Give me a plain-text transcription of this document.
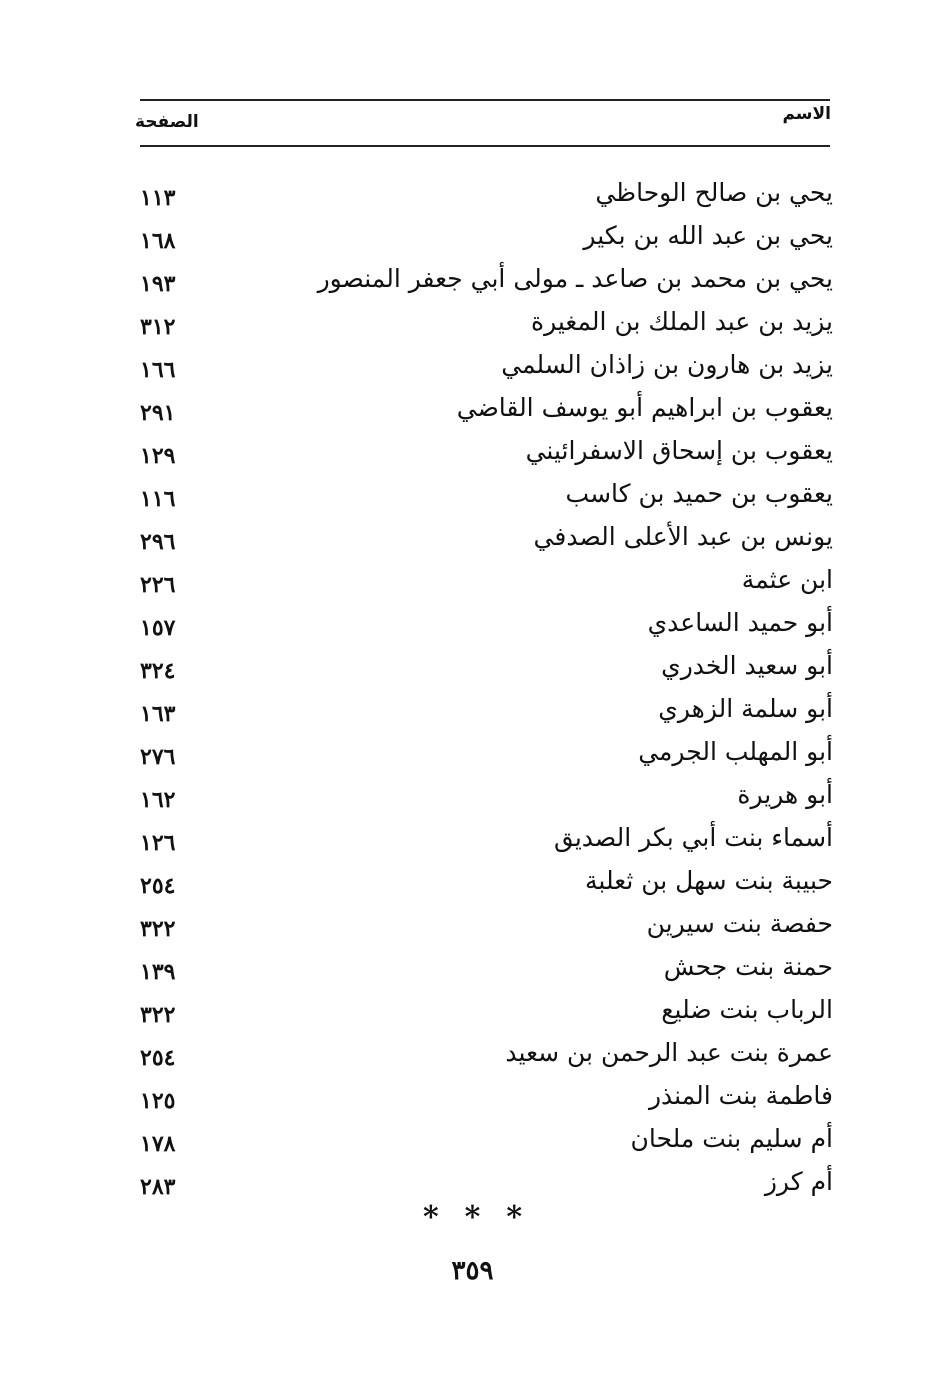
الاسم
الصفحة
يحي بن صالح الوحاظي
١١٣
يحي بن عبد الله بن بكير
١٦٨
يحي بن محمد بن صاعد ـ مولى أبي جعفر المنصور
١٩٣
يزيد بن عبد الملك بن المغيرة
٣١٢
يزيد بن هارون بن زاذان السلمي
١٦٦
يعقوب بن ابراهيم أبو يوسف القاضي
٢٩١
يعقوب بن إسحاق الاسفرائيني
١٢٩
يعقوب بن حميد بن كاسب
١١٦
يونس بن عبد الأعلى الصدفي
٢٩٦
ابن عثمة
٢٢٦
أبو حميد الساعدي
١٥٧
أبو سعيد الخدري
٣٢٤
أبو سلمة الزهري
١٦٣
أبو المهلب الجرمي
٢٧٦
أبو هريرة
١٦٢
أسماء بنت أبي بكر الصديق
١٢٦
حبيبة بنت سهل بن ثعلبة
٢٥٤
حفصة بنت سيرين
٣٢٢
حمنة بنت جحش
١٣٩
الرباب بنت ضليع
٣٢٢
عمرة بنت عبد الرحمن بن سعيد
٢٥٤
فاطمة بنت المنذر
١٢٥
أم سليم بنت ملحان
١٧٨
أم كرز
٢٨٣
***
٣٥٩
